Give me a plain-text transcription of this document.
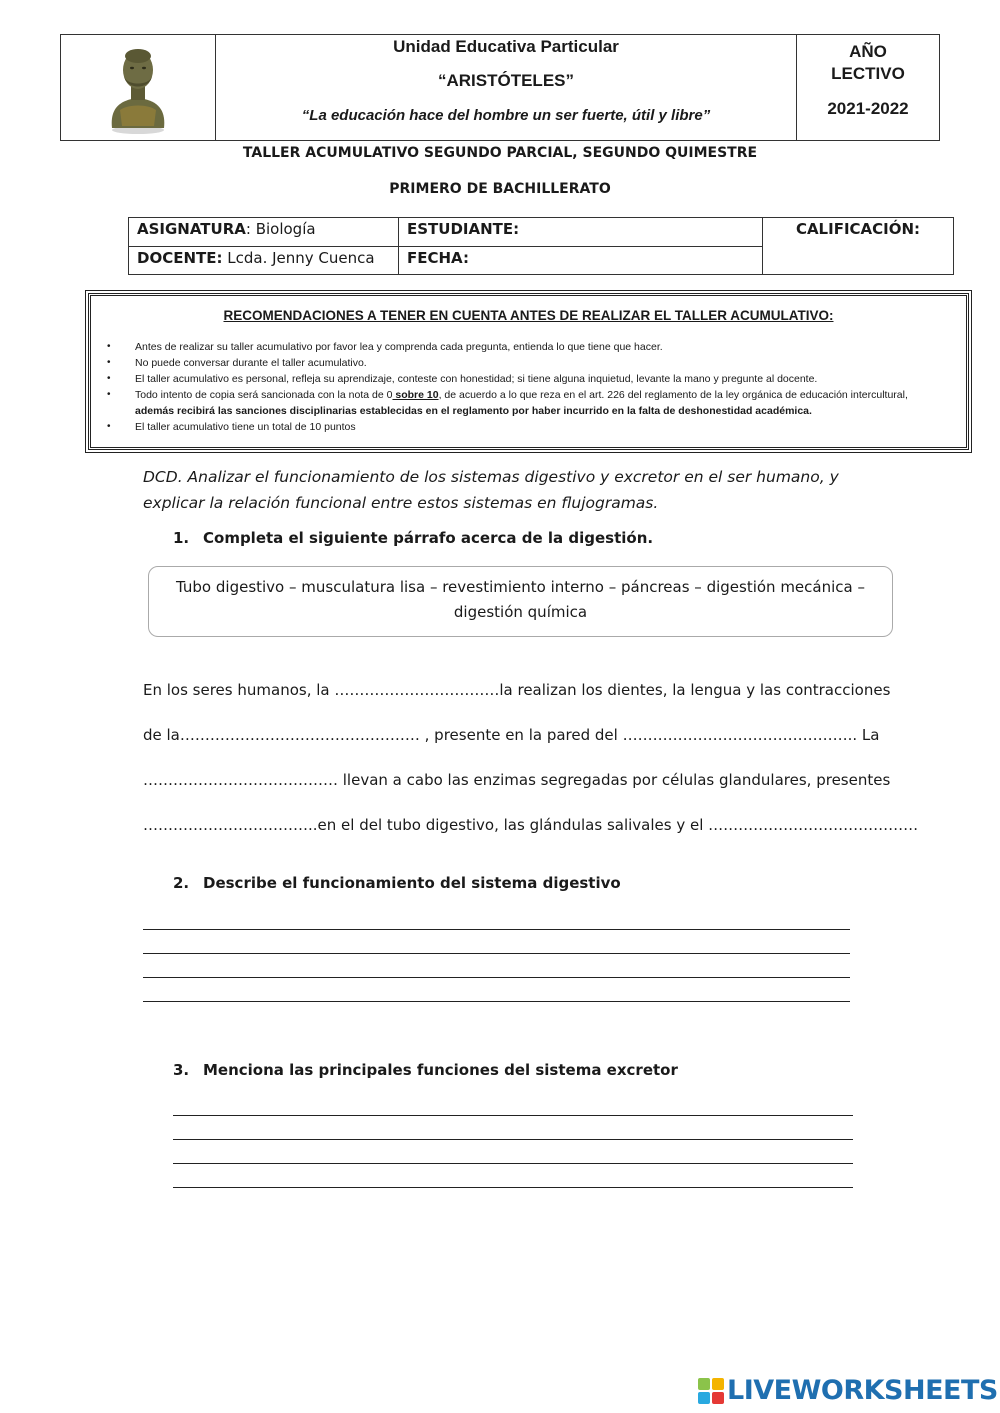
Unidad Educativa Particular
“ARISTÓTELES”
“La educación hace del hombre un ser fuerte, útil y libre”
AÑO
LECTIVO
2021-2022
TALLER ACUMULATIVO SEGUNDO PARCIAL, SEGUNDO QUIMESTRE
PRIMERO DE BACHILLERATO
ASIGNATURA: Biología	ESTUDIANTE:	CALIFICACIÓN:
DOCENTE: Lcda. Jenny Cuenca	FECHA:
RECOMENDACIONES A TENER EN CUENTA ANTES DE REALIZAR EL TALLER ACUMULATIVO:
• Antes de realizar su taller acumulativo por favor lea y comprenda cada pregunta, entienda lo que tiene que hacer.
• No puede conversar durante el taller acumulativo.
• El taller acumulativo es personal, refleja su aprendizaje, conteste con honestidad; si tiene alguna inquietud, levante la mano y pregunte al docente.
• Todo intento de copia será sancionada con la nota de 0 sobre 10, de acuerdo a lo que reza en el art. 226 del reglamento de la ley orgánica de educación intercultural,
además recibirá las sanciones disciplinarias establecidas en el reglamento por haber incurrido en la falta de deshonestidad académica.
• El taller acumulativo tiene un total de 10 puntos
DCD. Analizar el funcionamiento de los sistemas digestivo y excretor en el ser humano, y
explicar la relación funcional entre estos sistemas en flujogramas.
1. Completa el siguiente párrafo acerca de la digestión.
Tubo digestivo – musculatura lisa – revestimiento interno – páncreas – digestión mecánica –
digestión química
En los seres humanos, la ……………………………la realizan los dientes, la lengua y las contracciones
de la………………………………………… , presente en la pared del ……………………………………….. La
………………………………… llevan a cabo las enzimas segregadas por células glandulares, presentes
……………………………..en el del tubo digestivo, las glándulas salivales y el ……………………………………
2. Describe el funcionamiento del sistema digestivo
3. Menciona las principales funciones del sistema excretor
LIVEWORKSHEETS
